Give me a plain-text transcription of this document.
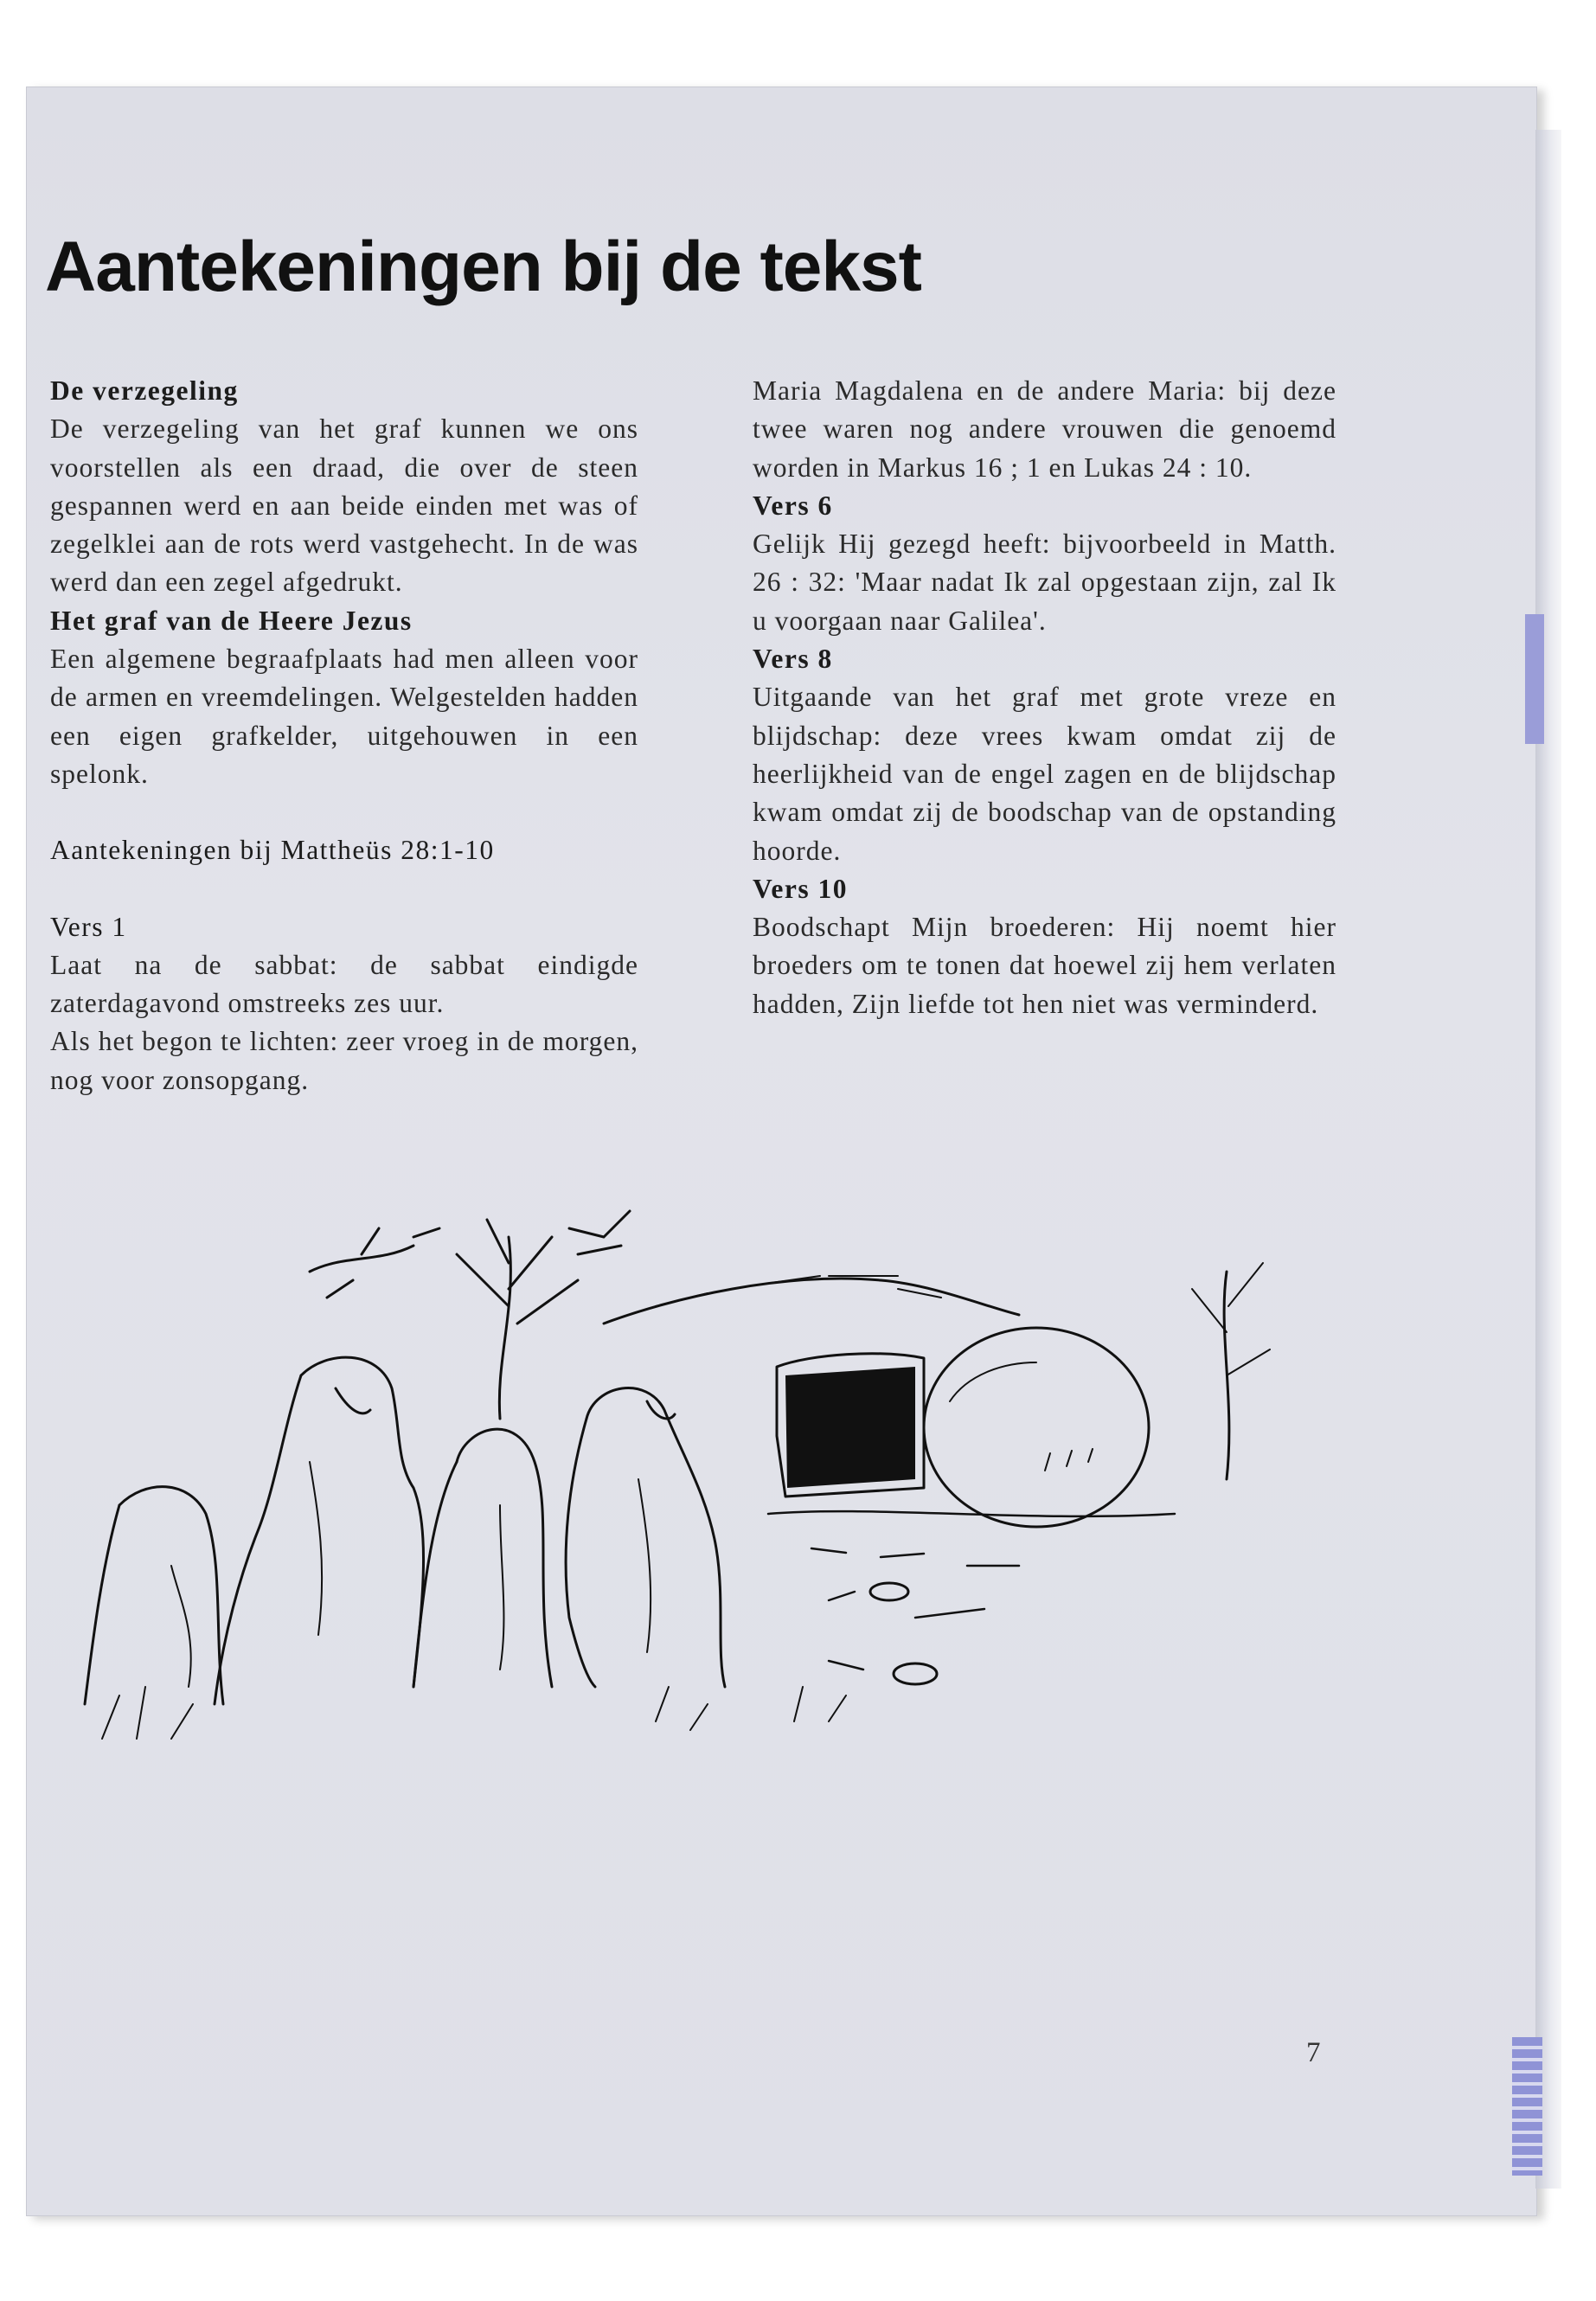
Aantekeningen bij de tekst

De verzegeling

De verzegeling van het graf kunnen we ons voorstellen als een draad, die over de steen gespannen werd en aan beide einden met was of zegelklei aan de rots werd vastgehecht. In de was werd dan een zegel afgedrukt.

Het graf van de Heere Jezus

Een algemene begraafplaats had men alleen voor de armen en vreemdelingen. Welgestelden hadden een eigen grafkelder, uitgehouwen in een spelonk.

Aantekeningen bij Mattheüs 28:1-10

Vers 1

Laat na de sabbat: de sabbat eindigde zaterdagavond omstreeks zes uur.

Als het begon te lichten: zeer vroeg in de morgen, nog voor zonsopgang.

Maria Magdalena en de andere Maria: bij deze twee waren nog andere vrouwen die genoemd worden in Markus 16 ; 1 en Lukas 24 : 10.

Vers 6

Gelijk Hij gezegd heeft: bijvoorbeeld in Matth. 26 : 32: 'Maar nadat Ik zal opgestaan zijn, zal Ik u voorgaan naar Galilea'.

Vers 8

Uitgaande van het graf met grote vreze en blijdschap: deze vrees kwam omdat zij de heerlijkheid van de engel zagen en de blijdschap kwam omdat zij de boodschap van de opstanding hoorde.

Vers 10

Boodschapt Mijn broederen: Hij noemt hier broeders om te tonen dat hoewel zij hem verlaten hadden, Zijn liefde tot hen niet was verminderd.

7
